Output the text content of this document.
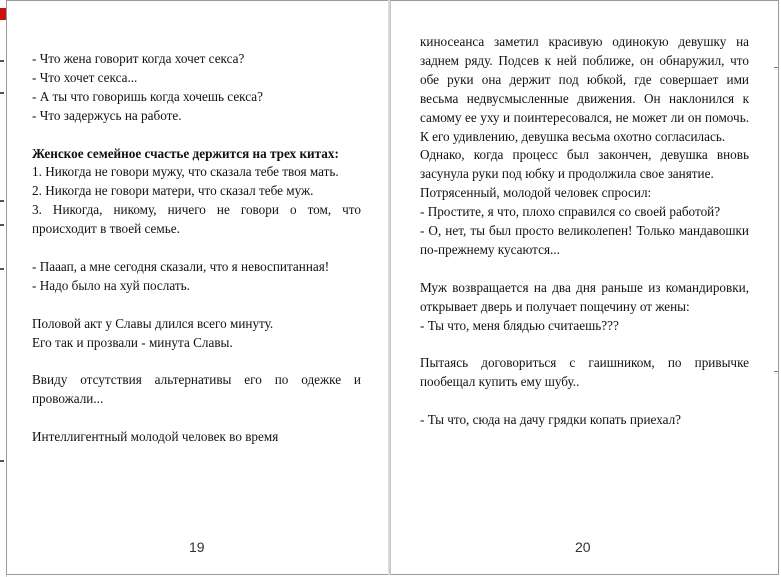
- Что жена говорит когда хочет секса?
- Что хочет секса...
- А ты что говоришь когда хочешь секса?
- Что задержусь на работе.
Женское семейное счастье держится на трех китах:
1. Никогда не говори мужу, что сказала тебе твоя мать.
2. Никогда не говори матери, что сказал тебе муж.
3. Никогда, никому, ничего не говори о том, что происходит в твоей семье.
- Пааап, а мне сегодня сказали, что я невоспитанная!
- Надо было на хуй послать.
Половой акт у Славы длился всего минуту.
Его так и прозвали - минута Славы.
Ввиду отсутствия альтернативы его по одежке и провожали...
Интеллигентный молодой человек во время
19
киносеанса заметил красивую одинокую девушку на заднем ряду. Подсев к ней поближе, он обнаружил, что обе руки она держит под юбкой, где совершает ими весьма недвусмысленные движения. Он наклонился к самому ее уху и поинтересовался, не может ли он помочь. К его удивлению, девушка весьма охотно согласилась.
Однако, когда процесс был закончен, девушка вновь засунула руки под юбку и продолжила свое занятие.
Потрясенный, молодой человек спросил:
- Простите, я что, плохо справился со своей работой?
- О, нет, ты был просто великолепен! Только мандавошки по-прежнему кусаются...
Муж возвращается на два дня раньше из командировки, открывает дверь и получает пощечину от жены:
- Ты что, меня блядью считаешь???
Пытаясь договориться с гаишником, по привычке пообещал купить ему шубу..
- Ты что, сюда на дачу грядки копать приехал?
20
